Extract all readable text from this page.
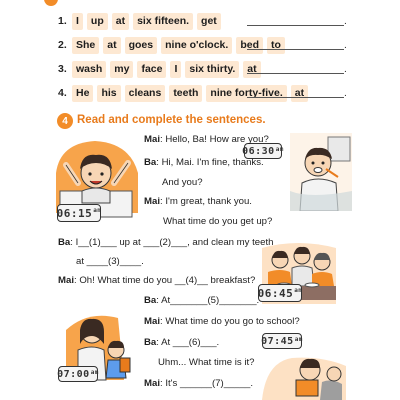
1. I	up	at	six fifteen.	get	.
2. She	at	goes	nine o'clock.	bed	to	.
3. wash	my	face	I	six thirty.	at	.
4. He	his	cleans	teeth	nine forty-five.	at	.
4 Read and complete the sentences.
06:30 am
06:15 am
06:45 am
07:45 am
07:00 am
Mai: Hello, Ba! How are you?
Ba: Hi, Mai. I'm fine, thanks.
And you?
Mai: I'm great, thank you.
What time do you get up?
Ba: I__(1)___ up at ___(2)___, and clean my teeth
at ____(3)____.
Mai: Oh! What time do you __(4)__ breakfast?
Ba: At_______(5)_______.
Mai: What time do you go to school?
Ba: At ___(6)___.
Uhm... What time is it?
Mai: It's ______(7)_____.
